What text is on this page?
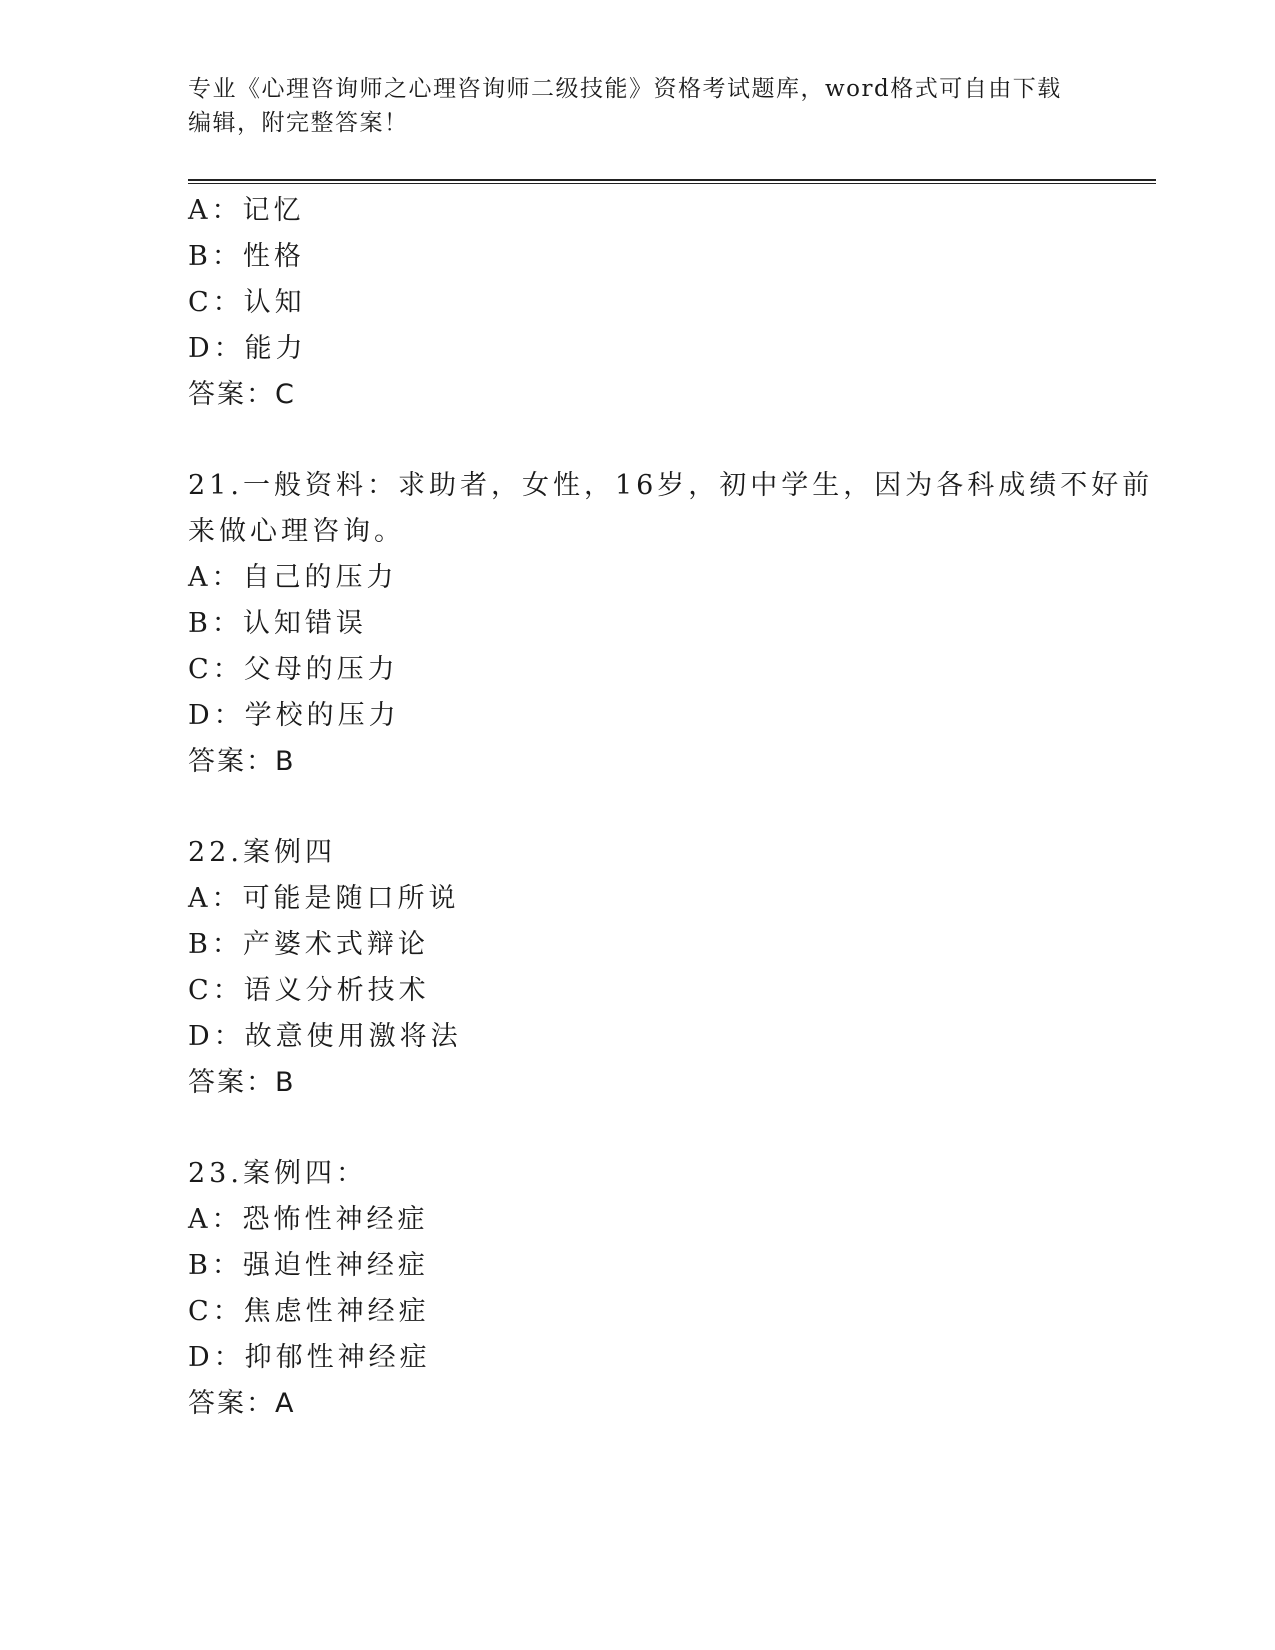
专业《心理咨询师之心理咨询师二级技能》资格考试题库，word格式可自由下载
编辑，附完整答案！
A：记忆
B：性格
C：认知
D：能力
答案：C
21.一般资料：求助者，女性，16岁，初中学生，因为各科成绩不好前
来做心理咨询。
A：自己的压力
B：认知错误
C：父母的压力
D：学校的压力
答案：B
22.案例四
A：可能是随口所说
B：产婆术式辩论
C：语义分析技术
D：故意使用激将法
答案：B
23.案例四：
A：恐怖性神经症
B：强迫性神经症
C：焦虑性神经症
D：抑郁性神经症
答案：A
